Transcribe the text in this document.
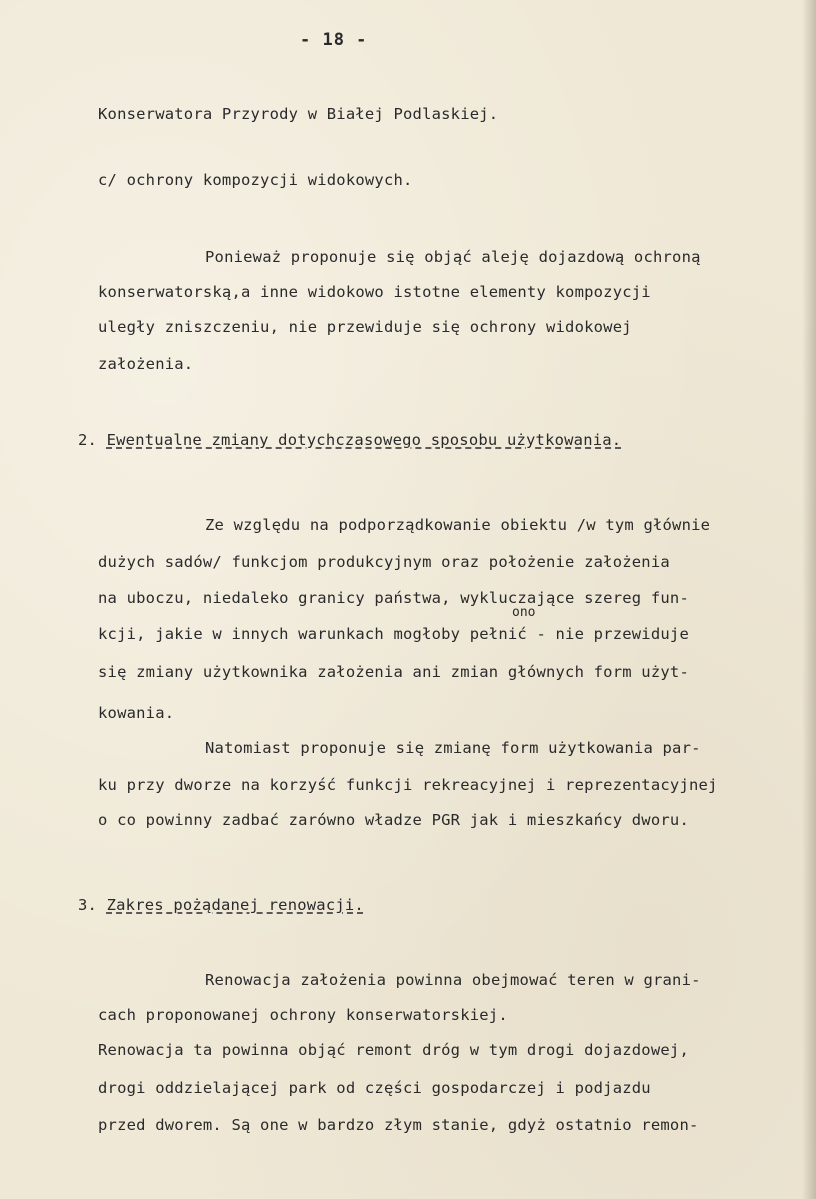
- 18 -
Konserwatora Przyrody w Białej Podlaskiej.
c/ ochrony kompozycji widokowych.
Ponieważ proponuje się objąć aleję dojazdową ochroną
konserwatorską,a inne widokowo istotne elementy kompozycji
uległy zniszczeniu, nie przewiduje się ochrony widokowej
założenia.
2. Ewentualne zmiany dotychczasowego sposobu użytkowania.
Ze względu na podporządkowanie obiektu /w tym głównie
dużych sadów/ funkcjom produkcyjnym oraz położenie założenia
na uboczu, niedaleko granicy państwa, wykluczające szereg fun-
ono
kcji, jakie w innych warunkach mogłoby pełnić - nie przewiduje
się zmiany użytkownika założenia ani zmian głównych form użyt-
kowania.
Natomiast proponuje się zmianę form użytkowania par-
ku przy dworze na korzyść funkcji rekreacyjnej i reprezentacyjnej
o co powinny zadbać zarówno władze PGR jak i mieszkańcy dworu.
3. Zakres pożądanej renowacji.
Renowacja założenia powinna obejmować teren w grani-
cach proponowanej ochrony konserwatorskiej.
Renowacja ta powinna objąć remont dróg w tym drogi dojazdowej,
drogi oddzielającej park od części gospodarczej i podjazdu
przed dworem. Są one w bardzo złym stanie, gdyż ostatnio remon-
